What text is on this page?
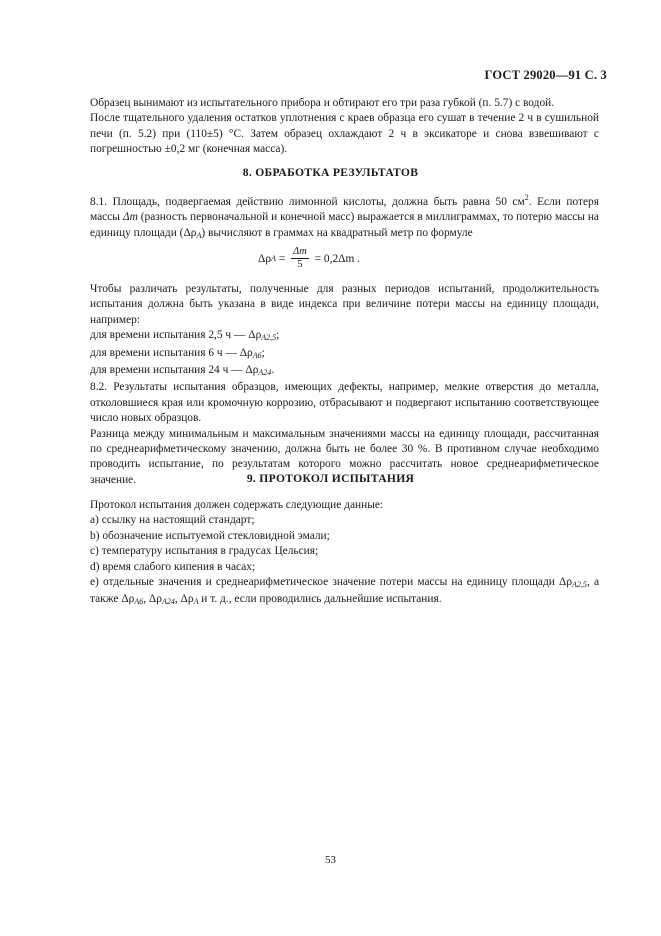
ГОСТ 29020—91 С. 3

Образец вынимают из испытательного прибора и обтирают его три раза губкой (п. 5.7) с водой.

После тщательного удаления остатков уплотнения с краев образца его сушат в течение 2 ч в сушильной печи (п. 5.2) при (110±5) °С. Затем образец охлаждают 2 ч в эксикаторе и снова взвешивают с погрешностью ±0,2 мг (конечная масса).

8. ОБРАБОТКА РЕЗУЛЬТАТОВ

8.1. Площадь, подвергаемая действию лимонной кислоты, должна быть равна 50 $см^2$. Если потеря массы Δm (разность первоначальной и конечной масс) выражается в миллиграммах, то потерю массы на единицу площади $(\Delta\rho_A)$ вычисляют в граммах на квадратный метр по формуле

Δρ $A = \frac{\Delta m}{5} = 0,2\Delta m$ .

Чтобы различать результаты, полученные для разных периодов испытаний, продолжительность испытания должна быть указана в виде индекса при величине потери массы на единицу площади, например:

для времени испытания 2,5 ч — $\Delta\rho_{A2,5}$;

для времени испытания 6 ч — $\Delta\rho_{A6}$;

для времени испытания 24 ч — $\Delta\rho_{A24}$.

8.2. Результаты испытания образцов, имеющих дефекты, например, мелкие отверстия до металла, отколовшиеся края или кромочную коррозию, отбрасывают и подвергают испытанию соответствующее число новых образцов.

Разница между минимальным и максимальным значениями массы на единицу площади, рассчитанная по среднеарифметическому значению, должна быть не более 30 %. В противном случае необходимо проводить испытание, по результатам которого можно рассчитать новое среднеарифметическое значение.	9. ПРОТОКОЛ ИСПЫТАНИЯ

Протокол испытания должен содержать следующие данные:

а) ссылку на настоящий стандарт;

b) обозначение испытуемой стекловидной эмали;

с) температуру испытания в градусах Цельсия;

d) время слабого кипения в часах;

е) отдельные значения и среднеарифметическое значение потери массы на единицу площади $\Delta\rho_{A2,5}$, а также $\Delta\rho_{A6}$, $\Delta\rho_{A24}$, $\Delta\rho_A$ и т. д., если проводились дальнейшие испытания.

53
